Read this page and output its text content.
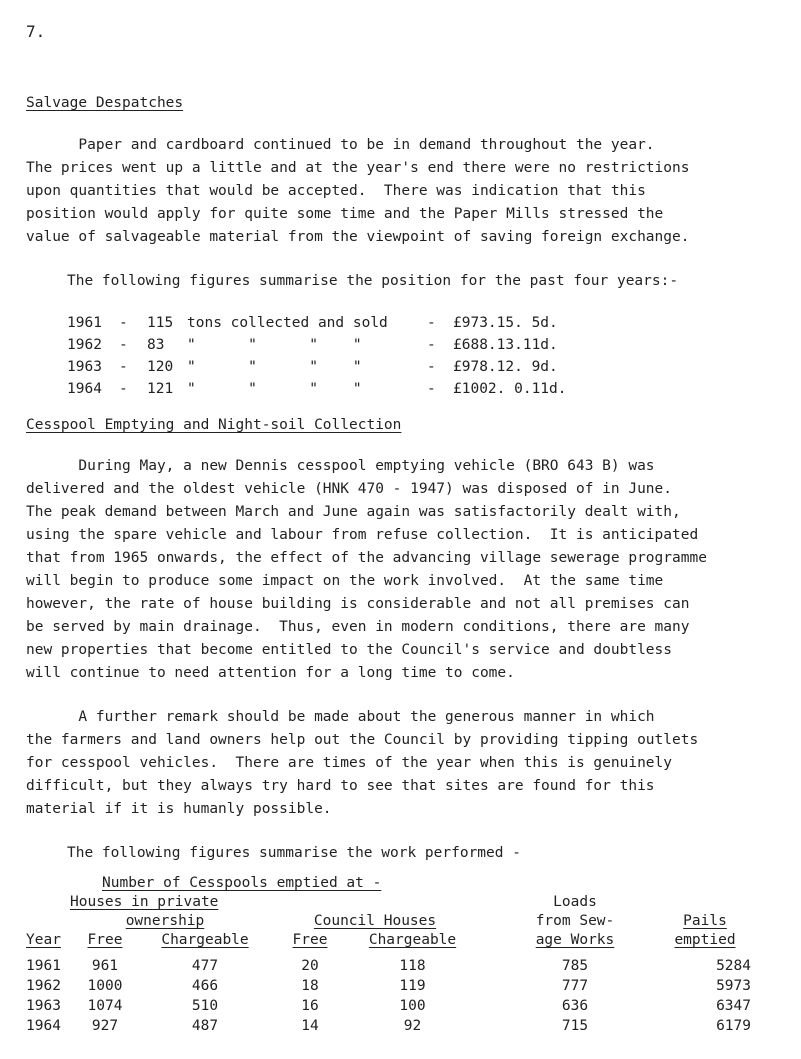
7.
Salvage Despatches
Paper and cardboard continued to be in demand throughout the year.
The prices went up a little and at the year's end there were no restrictions
upon quantities that would be accepted.  There was indication that this
position would apply for quite some time and the Paper Mills stressed the
value of salvageable material from the viewpoint of saving foreign exchange.
The following figures summarise the position for the past four years:-
1961 - 115 tons collected and sold	- £973.15. 5d.
1962 - 83 "      "      "    "	- £688.13.11d.
1963 - 120 "      "      "    "	- £978.12. 9d.
1964 - 121 "      "      "    "	- £1002. 0.11d.
Cesspool Emptying and Night-soil Collection
During May, a new Dennis cesspool emptying vehicle (BRO 643 B) was
delivered and the oldest vehicle (HNK 470 - 1947) was disposed of in June.
The peak demand between March and June again was satisfactorily dealt with,
using the spare vehicle and labour from refuse collection.  It is anticipated
that from 1965 onwards, the effect of the advancing village sewerage programme
will begin to produce some impact on the work involved.  At the same time
however, the rate of house building is considerable and not all premises can
be served by main drainage.  Thus, even in modern conditions, there are many
new properties that become entitled to the Council's service and doubtless
will continue to need attention for a long time to come.
A further remark should be made about the generous manner in which
the farmers and land owners help out the Council by providing tipping outlets
for cesspool vehicles.  There are times of the year when this is genuinely
difficult, but they always try hard to see that sites are found for this
material if it is humanly possible.
The following figures summarise the work performed -
Number of Cesspools emptied at -
Houses in private
ownership	Council Houses
Loads
from Sew-
age Works
Pails
emptied
Year	Free	Chargeable	Free	Chargeable
1961	961	477	20	118	785	5284
1962	1000	466	18	119	777	5973
1963	1074	510	16	100	636	6347
1964	927	487	14	92	715	6179
